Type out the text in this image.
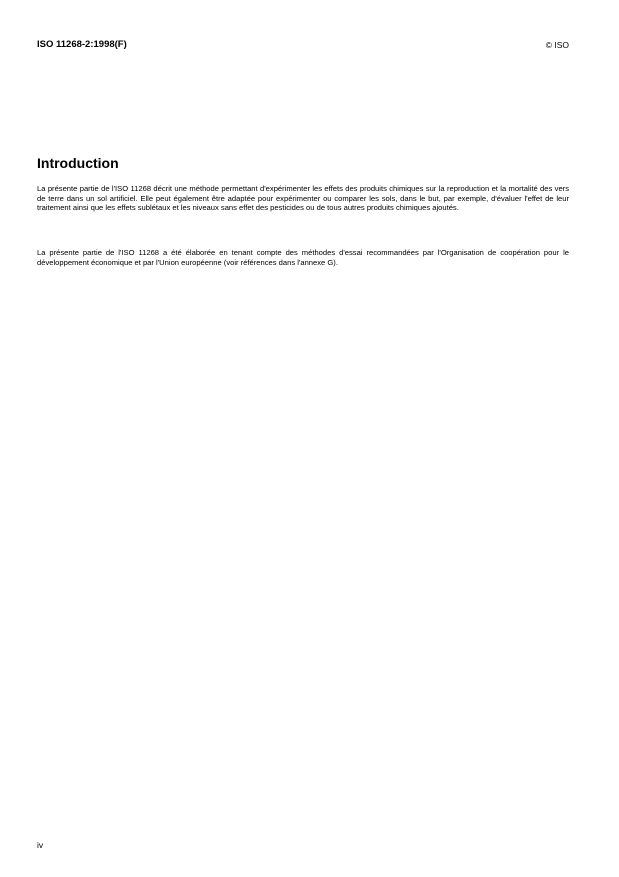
ISO 11268-2:1998(F)	© ISO
Introduction

La présente partie de l'ISO 11268 décrit une méthode permettant d'expérimenter les effets des produits chimiques sur la reproduction et la mortalité des vers de terre dans un sol artificiel. Elle peut également être adaptée pour expérimenter ou comparer les sols, dans le but, par exemple, d'évaluer l'effet de leur traitement ainsi que les effets sublétaux et les niveaux sans effet des pesticides ou de tous autres produits chimiques ajoutés.

La présente partie de l'ISO 11268 a été élaborée en tenant compte des méthodes d'essai recommandées par l'Organisation de coopération pour le développement économique et par l'Union européenne (voir références dans l'annexe G).

iv
